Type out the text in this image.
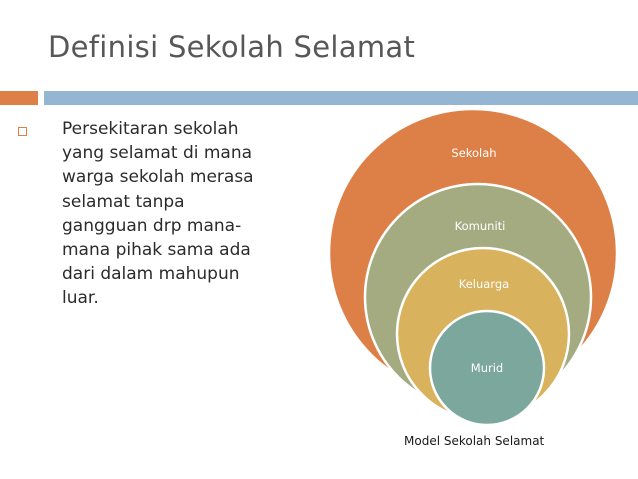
Definisi Sekolah Selamat

Persekitaran sekolah yang selamat di mana warga sekolah merasa selamat tanpa gangguan drp mana-mana pihak sama ada dari dalam mahupun luar.

Sekolah
Komuniti
Keluarga
Murid
Model Sekolah Selamat
